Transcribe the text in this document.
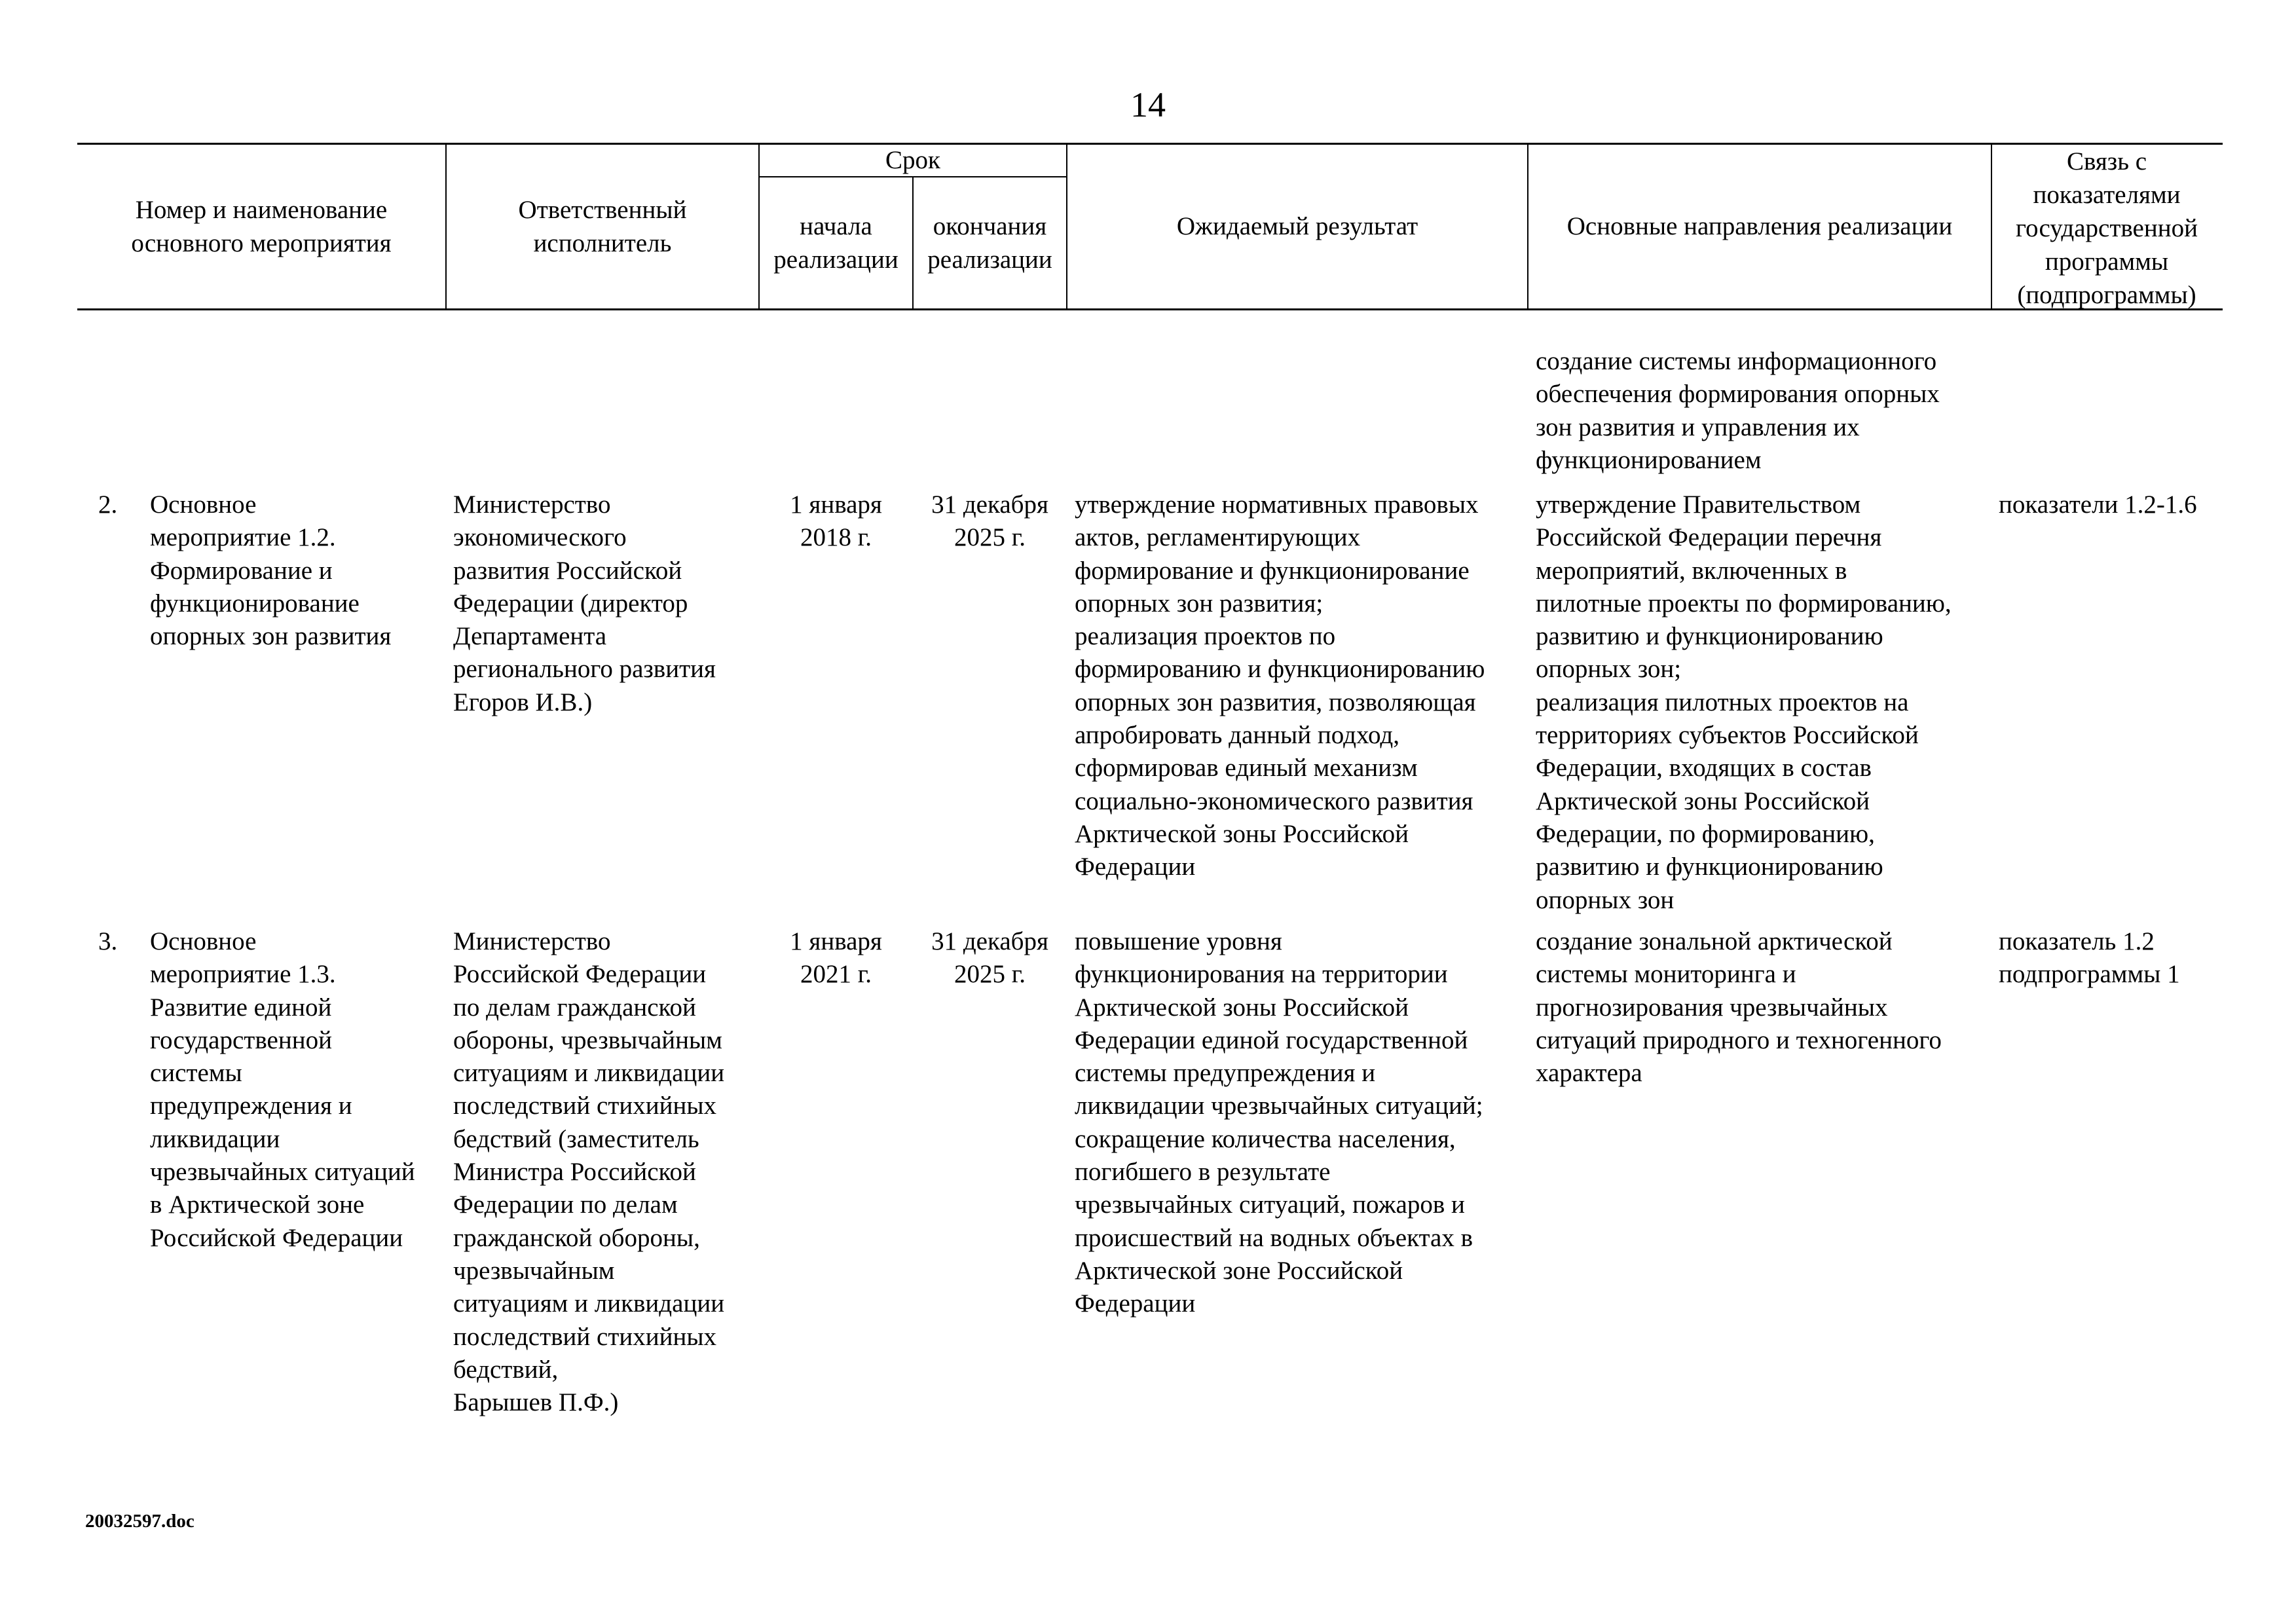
14
Номер и наименование
основного мероприятия
Ответственный
исполнитель
Срок
начала
реализации
окончания
реализации
Ожидаемый результат	Основные направления реализации
Связь с
показателями
государственной
программы
(подпрограммы)
создание системы информационного
обеспечения формирования опорных
зон развития и управления их
функционированием
2. Основное
мероприятие 1.2.
Формирование и
функционирование
опорных зон развития
Министерство
экономического
развития Российской
Федерации (директор
Департамента
регионального развития
Егоров И.В.)
1 января
2018 г.
31 декабря
2025 г.
утверждение нормативных правовых
актов, регламентирующих
формирование и функционирование
опорных зон развития;
реализация проектов по
формированию и функционированию
опорных зон развития, позволяющая
апробировать данный подход,
сформировав единый механизм
социально-экономического развития
Арктической зоны Российской
Федерации
утверждение Правительством
Российской Федерации перечня
мероприятий, включенных в
пилотные проекты по формированию,
развитию и функционированию
опорных зон;
реализация пилотных проектов на
территориях субъектов Российской
Федерации, входящих в состав
Арктической зоны Российской
Федерации, по формированию,
развитию и функционированию
опорных зон
показатели 1.2-1.6
3. Основное
мероприятие 1.3.
Развитие единой
государственной
системы
предупреждения и
ликвидации
чрезвычайных ситуаций
в Арктической зоне
Российской Федерации
Министерство
Российской Федерации
по делам гражданской
обороны, чрезвычайным
ситуациям и ликвидации
последствий стихийных
бедствий (заместитель
Министра Российской
Федерации по делам
гражданской обороны,
чрезвычайным
ситуациям и ликвидации
последствий стихийных
бедствий,
Барышев П.Ф.)
1 января
2021 г.
31 декабря
2025 г.
повышение уровня
функционирования на территории
Арктической зоны Российской
Федерации единой государственной
системы предупреждения и
ликвидации чрезвычайных ситуаций;
сокращение количества населения,
погибшего в результате
чрезвычайных ситуаций, пожаров и
происшествий на водных объектах в
Арктической зоне Российской
Федерации
создание зональной арктической
системы мониторинга и
прогнозирования чрезвычайных
ситуаций природного и техногенного
характера
показатель 1.2
подпрограммы 1
20032597.doc
